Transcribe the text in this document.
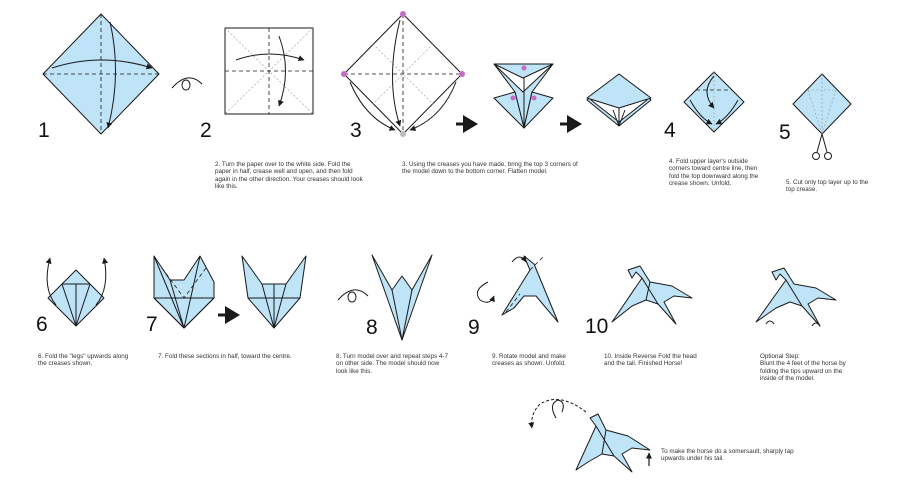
1	2	3	4	5
6	7	8	9	10
2. Turn the paper over to the white side. Fold the paper in half, crease well and open, and then fold again in the other direction. Your creases should look like this.
3. Using the creases you have made, bring the top 3 corners of the model down to the bottom corner. Flatten model.
4. Fold upper layer's outside corners toward centre line, then fold the top downward along the crease shown. Unfold.	5. Cut only top layer up to the top crease.
6. Fold the "legs" upwards along the creases shown.
7. Fold these sections in half, toward the centre.	8. Turn model over and repeat steps 4-7 on other side. The model should now look like this.
9. Rotate model and make creases as shown. Unfold.
10. Inside Reverse Fold the head and the tail. Finished Horse!
Optional Step:
Blunt the 4 feet of the horse by folding the tips upward on the inside of the model.
To make the horse do a somersault, sharply tap upwards under his tail.
